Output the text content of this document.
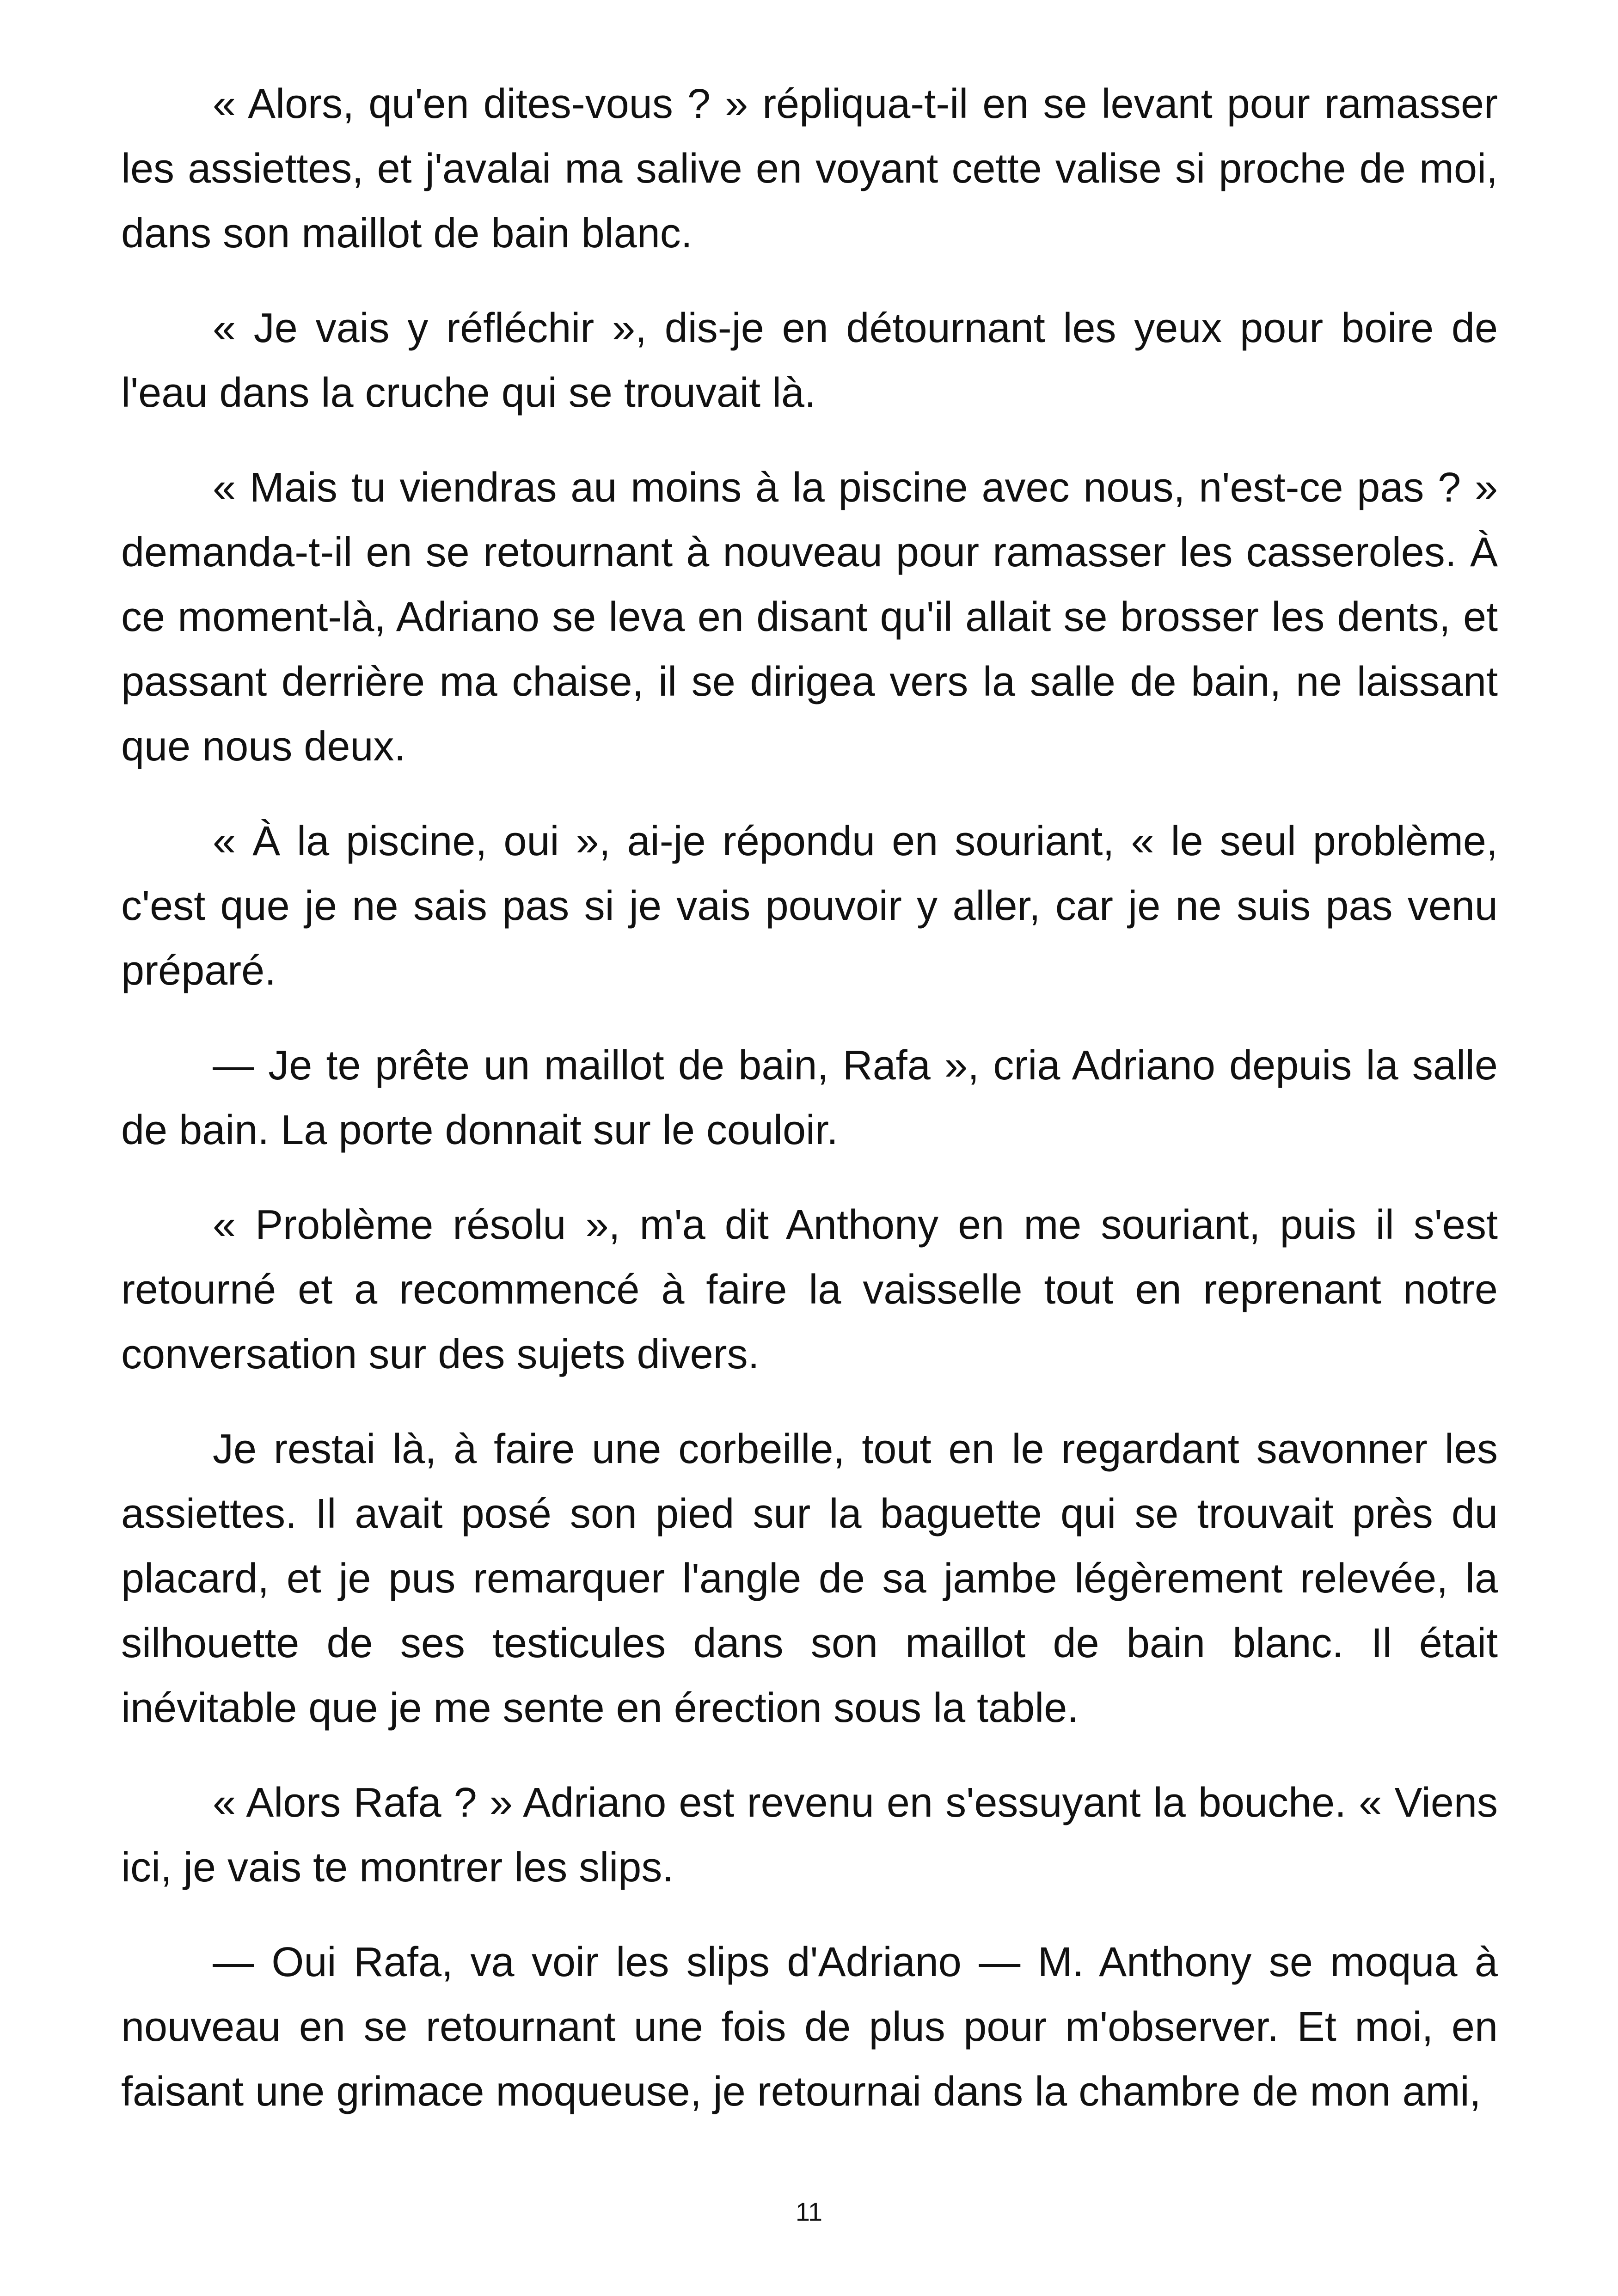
« Alors, qu'en dites-vous ? » répliqua-t-il en se levant pour ramasser les assiettes, et j'avalai ma salive en voyant cette valise si proche de moi, dans son maillot de bain blanc.

« Je vais y réfléchir », dis-je en détournant les yeux pour boire de l'eau dans la cruche qui se trouvait là.

« Mais tu viendras au moins à la piscine avec nous, n'est-ce pas ? » demanda-t-il en se retournant à nouveau pour ramasser les casseroles. À ce moment-là, Adriano se leva en disant qu'il allait se brosser les dents, et passant derrière ma chaise, il se dirigea vers la salle de bain, ne laissant que nous deux.

« À la piscine, oui », ai-je répondu en souriant, « le seul problème, c'est que je ne sais pas si je vais pouvoir y aller, car je ne suis pas venu préparé.

— Je te prête un maillot de bain, Rafa », cria Adriano depuis la salle de bain. La porte donnait sur le couloir.

« Problème résolu », m'a dit Anthony en me souriant, puis il s'est retourné et a recommencé à faire la vaisselle tout en reprenant notre conversation sur des sujets divers.

Je restai là, à faire une corbeille, tout en le regardant savonner les assiettes. Il avait posé son pied sur la baguette qui se trouvait près du placard, et je pus remarquer l'angle de sa jambe légèrement relevée, la silhouette de ses testicules dans son maillot de bain blanc. Il était inévitable que je me sente en érection sous la table.

« Alors Rafa ? » Adriano est revenu en s'essuyant la bouche. « Viens ici, je vais te montrer les slips.

— Oui Rafa, va voir les slips d'Adriano — M. Anthony se moqua à nouveau en se retournant une fois de plus pour m'observer. Et moi, en faisant une grimace moqueuse, je retournai dans la chambre de mon ami,

11
